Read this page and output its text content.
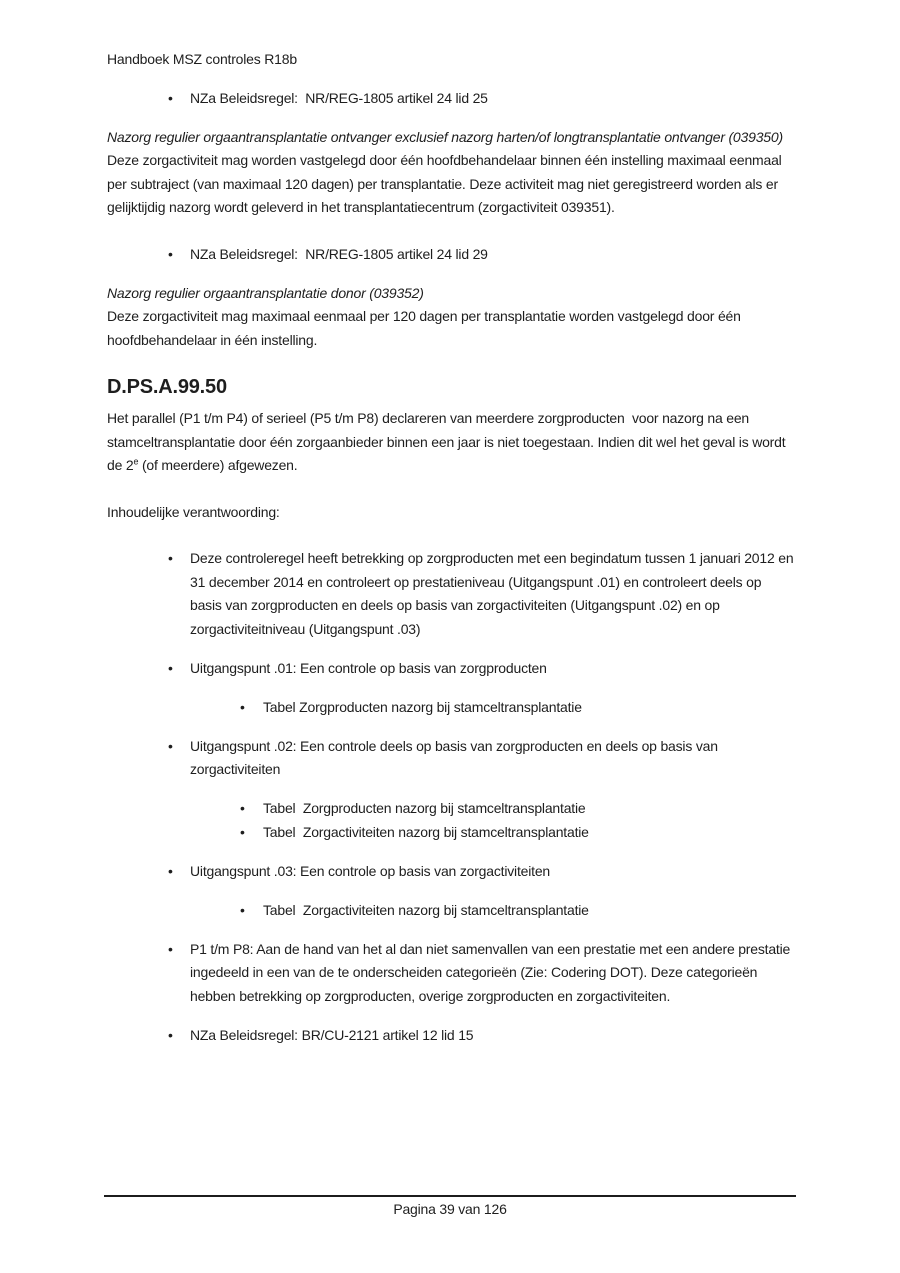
Handboek MSZ controles R18b
•	NZa Beleidsregel:  NR/REG-1805 artikel 24 lid 25
Nazorg regulier orgaantransplantatie ontvanger exclusief nazorg harten/of longtransplantatie ontvanger (039350)
Deze zorgactiviteit mag worden vastgelegd door één hoofdbehandelaar binnen één instelling maximaal eenmaal per subtraject (van maximaal 120 dagen) per transplantatie. Deze activiteit mag niet geregistreerd worden als er gelijktijdig nazorg wordt geleverd in het transplantatiecentrum (zorgactiviteit 039351).
•	NZa Beleidsregel:  NR/REG-1805 artikel 24 lid 29
Nazorg regulier orgaantransplantatie donor (039352)
Deze zorgactiviteit mag maximaal eenmaal per 120 dagen per transplantatie worden vastgelegd door één hoofdbehandelaar in één instelling.
D.PS.A.99.50
Het parallel (P1 t/m P4) of serieel (P5 t/m P8) declareren van meerdere zorgproducten  voor nazorg na een stamceltransplantatie door één zorgaanbieder binnen een jaar is niet toegestaan. Indien dit wel het geval is wordt de 2e (of meerdere) afgewezen.
Inhoudelijke verantwoording:
•	Deze controleregel heeft betrekking op zorgproducten met een begindatum tussen 1 januari 2012 en 31 december 2014 en controleert op prestatieniveau (Uitgangspunt .01) en controleert deels op basis van zorgproducten en deels op basis van zorgactiviteiten (Uitgangspunt .02) en op zorgactiviteitniveau (Uitgangspunt .03)
•	Uitgangspunt .01: Een controle op basis van zorgproducten
•	Tabel Zorgproducten nazorg bij stamceltransplantatie
•	Uitgangspunt .02: Een controle deels op basis van zorgproducten en deels op basis van zorgactiviteiten
•	Tabel  Zorgproducten nazorg bij stamceltransplantatie
•	Tabel  Zorgactiviteiten nazorg bij stamceltransplantatie
•	Uitgangspunt .03: Een controle op basis van zorgactiviteiten
•	Tabel  Zorgactiviteiten nazorg bij stamceltransplantatie
•	P1 t/m P8: Aan de hand van het al dan niet samenvallen van een prestatie met een andere prestatie ingedeeld in een van de te onderscheiden categorieën (Zie: Codering DOT). Deze categorieën hebben betrekking op zorgproducten, overige zorgproducten en zorgactiviteiten.
•	NZa Beleidsregel: BR/CU-2121 artikel 12 lid 15
Pagina 39 van 126
